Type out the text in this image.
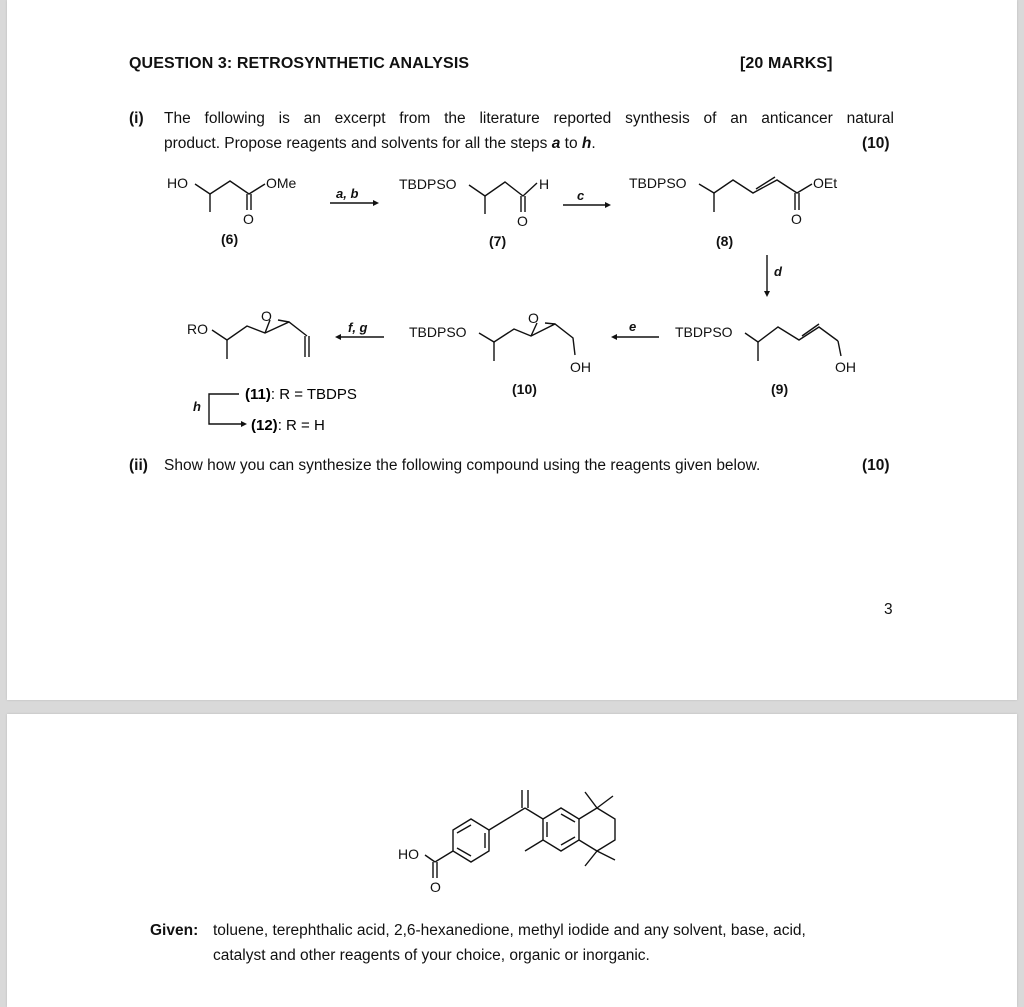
QUESTION 3: RETROSYNTHETIC ANALYSIS	[20 MARKS]
(i) The following is an excerpt from the literature reported synthesis of an anticancer natural
product. Propose reagents and solvents for all the steps a to h.	(10)
HO	OMe
O
(6)
a, b
TBDPSO
O
H
(7)
c
TBDPSO
O
OEt
(8)
d
TBDPSO
OH
(9)
e
TBDPSO
O
OH
(10)
f, g
RO
O
h
(11): R = TBDPS
(12): R = H
(ii) Show how you can synthesize the following compound using the reagents given below.	(10)
3
HO
O
Given: toluene, terephthalic acid, 2,6-hexanedione, methyl iodide and any solvent, base, acid,
catalyst and other reagents of your choice, organic or inorganic.
